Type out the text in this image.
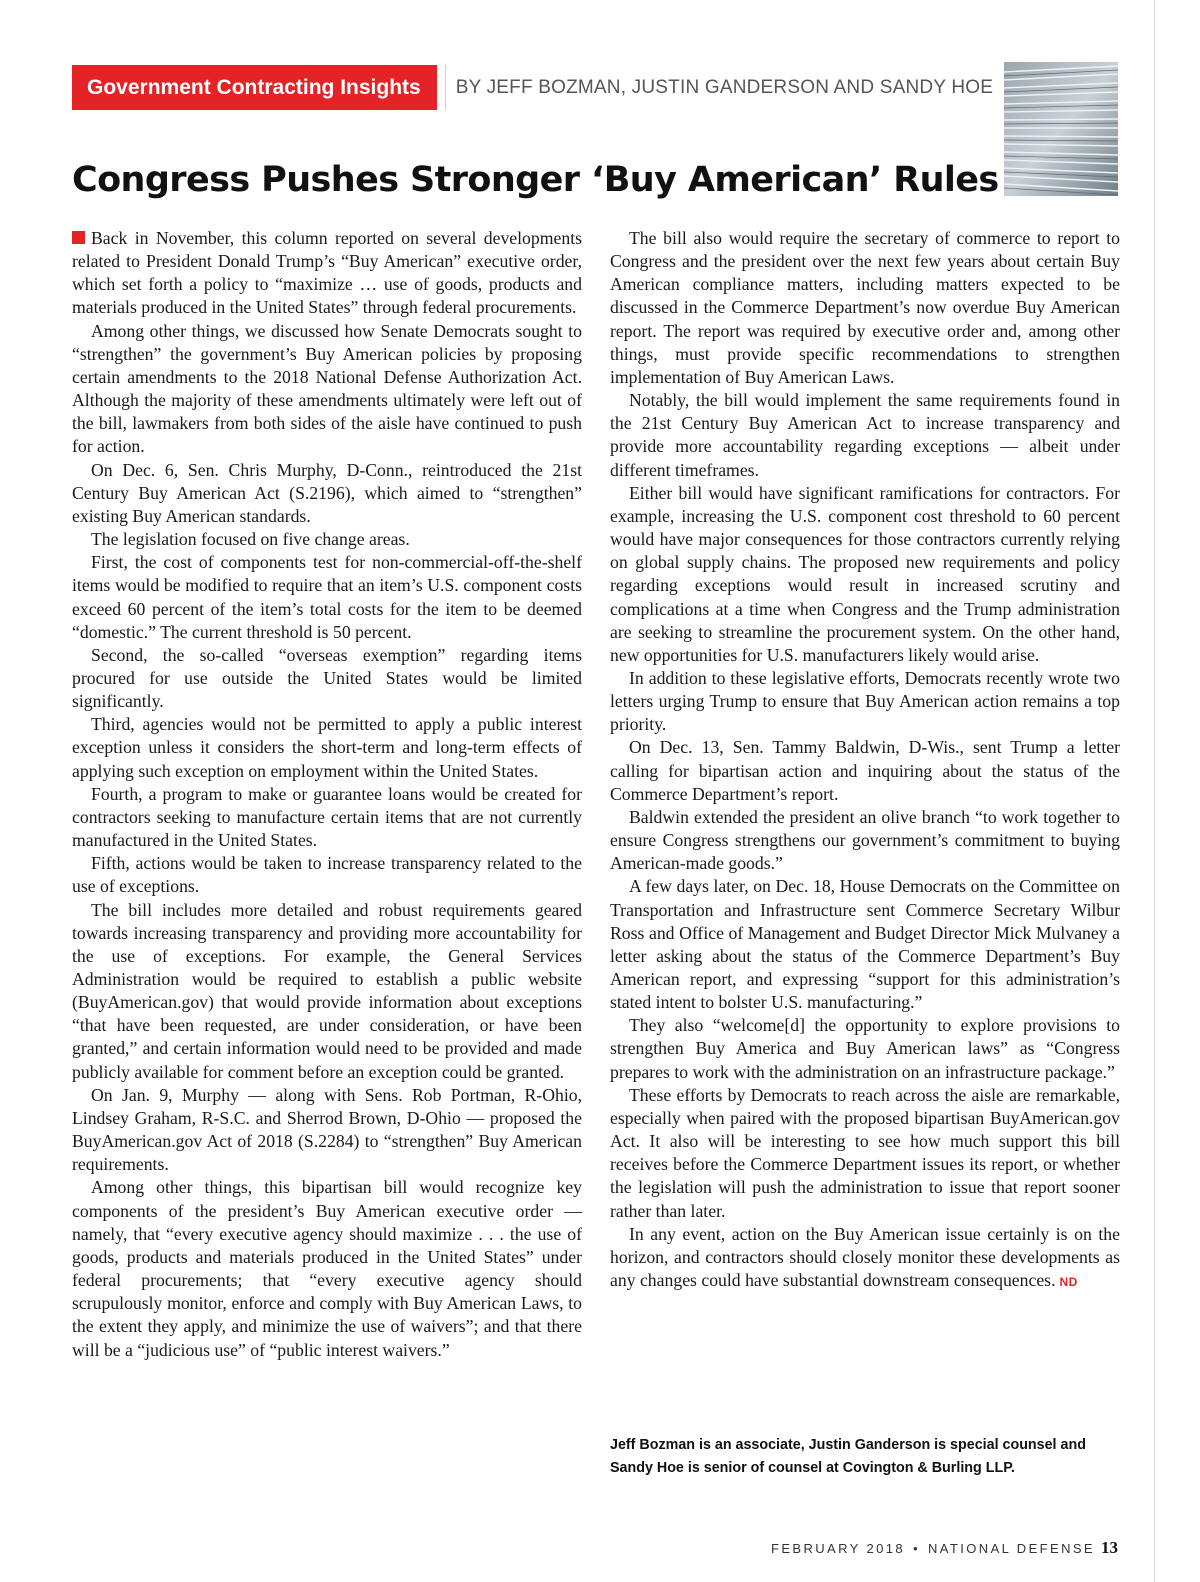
Government Contracting Insights	BY JEFF BOZMAN, JUSTIN GANDERSON AND SANDY HOE
Congress Pushes Stronger ‘Buy American’ Rules

Back in November, this column reported on several developments related to President Donald Trump’s “Buy American” executive order, which set forth a policy to “maximize … use of goods, products and materials produced in the United States” through federal procurements.

Among other things, we discussed how Senate Democrats sought to “strengthen” the government’s Buy American policies by proposing certain amendments to the 2018 National Defense Authorization Act. Although the majority of these amendments ultimately were left out of the bill, lawmakers from both sides of the aisle have continued to push for action.

On Dec. 6, Sen. Chris Murphy, D-Conn., reintroduced the 21st Century Buy American Act (S.2196), which aimed to “strengthen” existing Buy American standards.

The legislation focused on five change areas.

First, the cost of components test for non-commercial-off-the-shelf items would be modified to require that an item’s U.S. component costs exceed 60 percent of the item’s total costs for the item to be deemed “domestic.” The current threshold is 50 percent.

Second, the so-called “overseas exemption” regarding items procured for use outside the United States would be limited significantly.

Third, agencies would not be permitted to apply a public interest exception unless it considers the short-term and long-term effects of applying such exception on employment within the United States.

Fourth, a program to make or guarantee loans would be created for contractors seeking to manufacture certain items that are not currently manufactured in the United States.

Fifth, actions would be taken to increase transparency related to the use of exceptions.

The bill includes more detailed and robust requirements geared towards increasing transparency and providing more accountability for the use of exceptions. For example, the General Services Administration would be required to establish a public website (BuyAmerican.gov) that would provide information about exceptions “that have been requested, are under consideration, or have been granted,” and certain information would need to be provided and made publicly available for comment before an exception could be granted.

On Jan. 9, Murphy — along with Sens. Rob Portman, R-Ohio, Lindsey Graham, R-S.C. and Sherrod Brown, D-Ohio — proposed the BuyAmerican.gov Act of 2018 (S.2284) to “strengthen” Buy American requirements.

Among other things, this bipartisan bill would recognize key components of the president’s Buy American executive order — namely, that “every executive agency should maximize . . . the use of goods, products and materials produced in the United States” under federal procurements; that “every executive agency should scrupulously monitor, enforce and comply with Buy American Laws, to the extent they apply, and minimize the use of waivers”; and that there will be a “judicious use” of “public interest waivers.”

The bill also would require the secretary of commerce to report to Congress and the president over the next few years about certain Buy American compliance matters, including matters expected to be discussed in the Commerce Department’s now overdue Buy American report. The report was required by executive order and, among other things, must provide specific recommendations to strengthen implementation of Buy American Laws.

Notably, the bill would implement the same requirements found in the 21st Century Buy American Act to increase transparency and provide more accountability regarding exceptions — albeit under different timeframes.

Either bill would have significant ramifications for contractors. For example, increasing the U.S. component cost threshold to 60 percent would have major consequences for those contractors currently relying on global supply chains. The proposed new requirements and policy regarding exceptions would result in increased scrutiny and complications at a time when Congress and the Trump administration are seeking to streamline the procurement system. On the other hand, new opportunities for U.S. manufacturers likely would arise.

In addition to these legislative efforts, Democrats recently wrote two letters urging Trump to ensure that Buy American action remains a top priority.

On Dec. 13, Sen. Tammy Baldwin, D-Wis., sent Trump a letter calling for bipartisan action and inquiring about the status of the Commerce Department’s report.

Baldwin extended the president an olive branch “to work together to ensure Congress strengthens our government’s commitment to buying American-made goods.”

A few days later, on Dec. 18, House Democrats on the Committee on Transportation and Infrastructure sent Commerce Secretary Wilbur Ross and Office of Management and Budget Director Mick Mulvaney a letter asking about the status of the Commerce Department’s Buy American report, and expressing “support for this administration’s stated intent to bolster U.S. manufacturing.”

They also “welcome[d] the opportunity to explore provisions to strengthen Buy America and Buy American laws” as “Congress prepares to work with the administration on an infrastructure package.”

These efforts by Democrats to reach across the aisle are remarkable, especially when paired with the proposed bipartisan BuyAmerican.gov Act. It also will be interesting to see how much support this bill receives before the Commerce Department issues its report, or whether the legislation will push the administration to issue that report sooner rather than later.

In any event, action on the Buy American issue certainly is on the horizon, and contractors should closely monitor these developments as any changes could have substantial downstream consequences. ND

Jeff Bozman is an associate, Justin Ganderson is special counsel and Sandy Hoe is senior of counsel at Covington & Burling LLP.

FEBRUARY 2018 • NATIONAL DEFENSE 13
